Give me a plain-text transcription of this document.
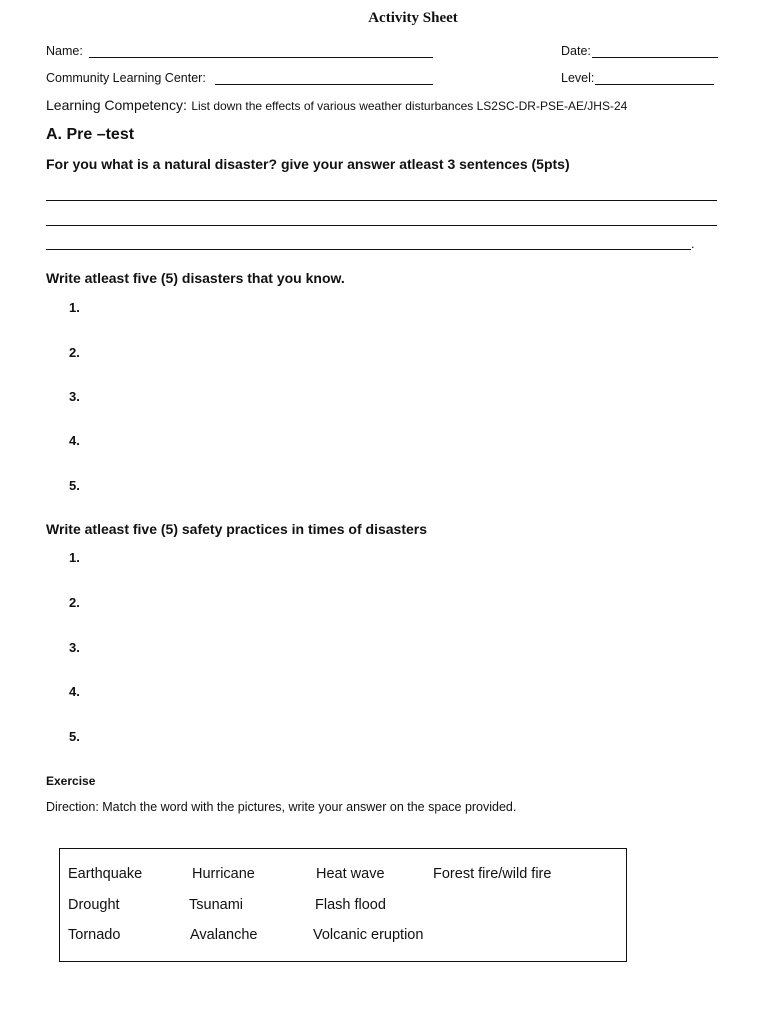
Activity Sheet
Name:	Date:
Community Learning Center:	Level:
Learning Competency: List down the effects of various weather disturbances LS2SC-DR-PSE-AE/JHS-24
A. Pre –test
For you what is a natural disaster? give your answer atleast 3 sentences (5pts)
.
Write atleast five (5) disasters that you know.
1.
2.
3.
4.
5.
Write atleast five (5) safety practices in times of disasters
1.
2.
3.
4.
5.
Exercise
Direction: Match the word with the pictures, write your answer on the space provided.
Earthquake	Hurricane	Heat wave	Forest fire/wild fire
Drought	Tsunami	Flash flood
Tornado	Avalanche	Volcanic eruption
